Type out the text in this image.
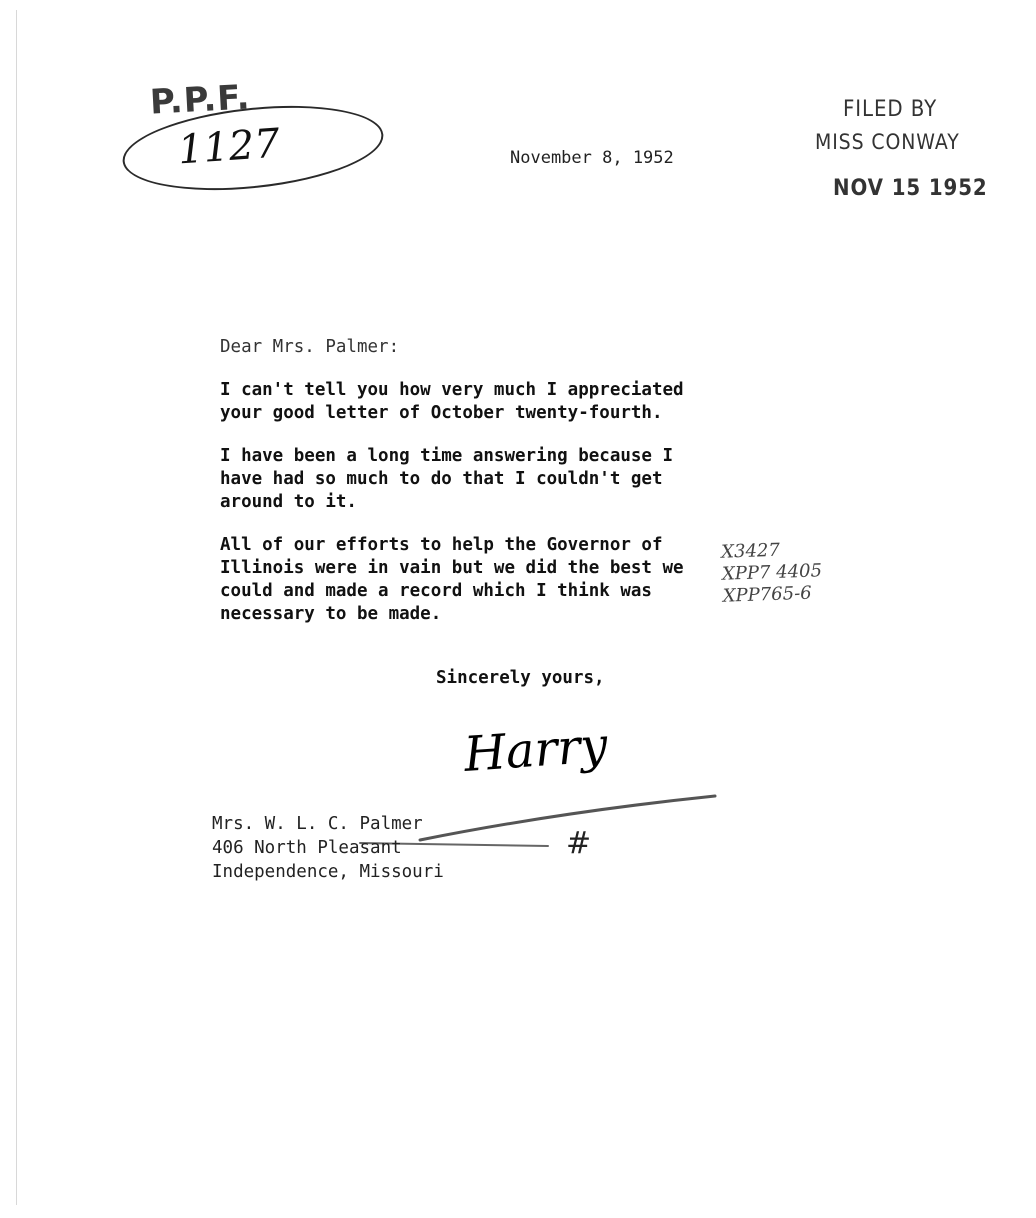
P.P.F.
1127
FILED BY
MISS CONWAY
NOV 15 1952
November 8, 1952

Dear Mrs. Palmer:

I can't tell you how very much I appreciated
your good letter of October twenty-fourth.

I have been a long time answering because I
have had so much to do that I couldn't get
around to it.

All of our efforts to help the Governor of
Illinois were in vain but we did the best we
could and made a record which I think was
necessary to be made.

X3427
XPP7 4405
XPP765-6
Sincerely yours,
Harry
Mrs. W. L. C. Palmer
406 North Pleasant
Independence, Missouri
#
